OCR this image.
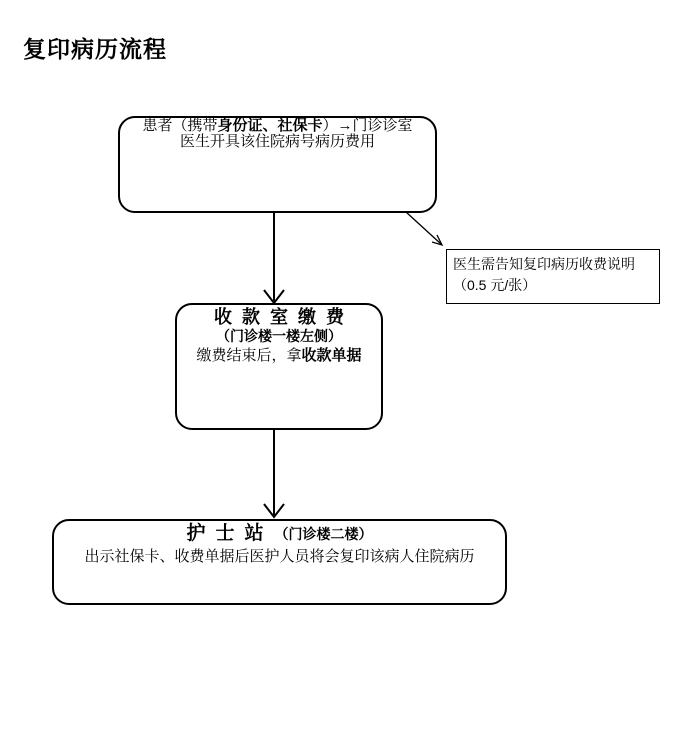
复印病历流程

患者（携带身份证、社保卡）→门诊诊室

医生开具该住院病号病历费用

医生需告知复印病历收费说明

（0.5 元/张）

收款室缴费

（门诊楼一楼左侧）

缴费结束后，拿收款单据

护士站（门诊楼二楼）

出示社保卡、收费单据后医护人员将会复印该病人住院病历
